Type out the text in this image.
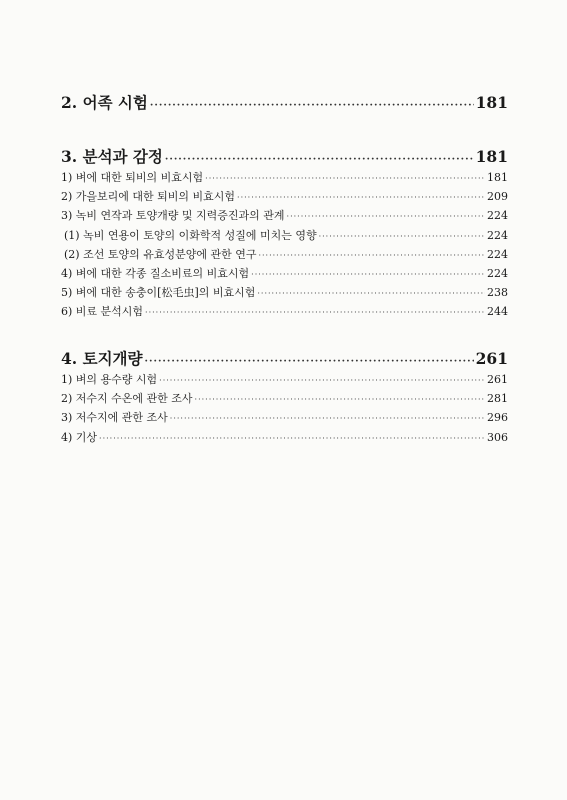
2. 어족 시험 ·····	181
3. 분석과 감정 ·····	181
1) 벼에 대한 퇴비의 비효시험 ·····	181
2) 가을보리에 대한 퇴비의 비효시험 ·····	209
3) 녹비 연작과 토양개량 및 지력증진과의 관계 ·····	224
(1) 녹비 연용이 토양의 이화학적 성질에 미치는 영향 ·····	224
(2) 조선 토양의 유효성분양에 관한 연구 ·····	224
4) 벼에 대한 각종 질소비료의 비효시험 ·····	224
5) 벼에 대한 송충이[松毛虫]의 비효시험 ·····	238
6) 비료 분석시험 ·····	244
4. 토지개량 ·····	261
1) 벼의 용수량 시험 ·····	261
2) 저수지 수온에 관한 조사 ·····	281
3) 저수지에 관한 조사 ·····	296
4) 기상 ·····	306
